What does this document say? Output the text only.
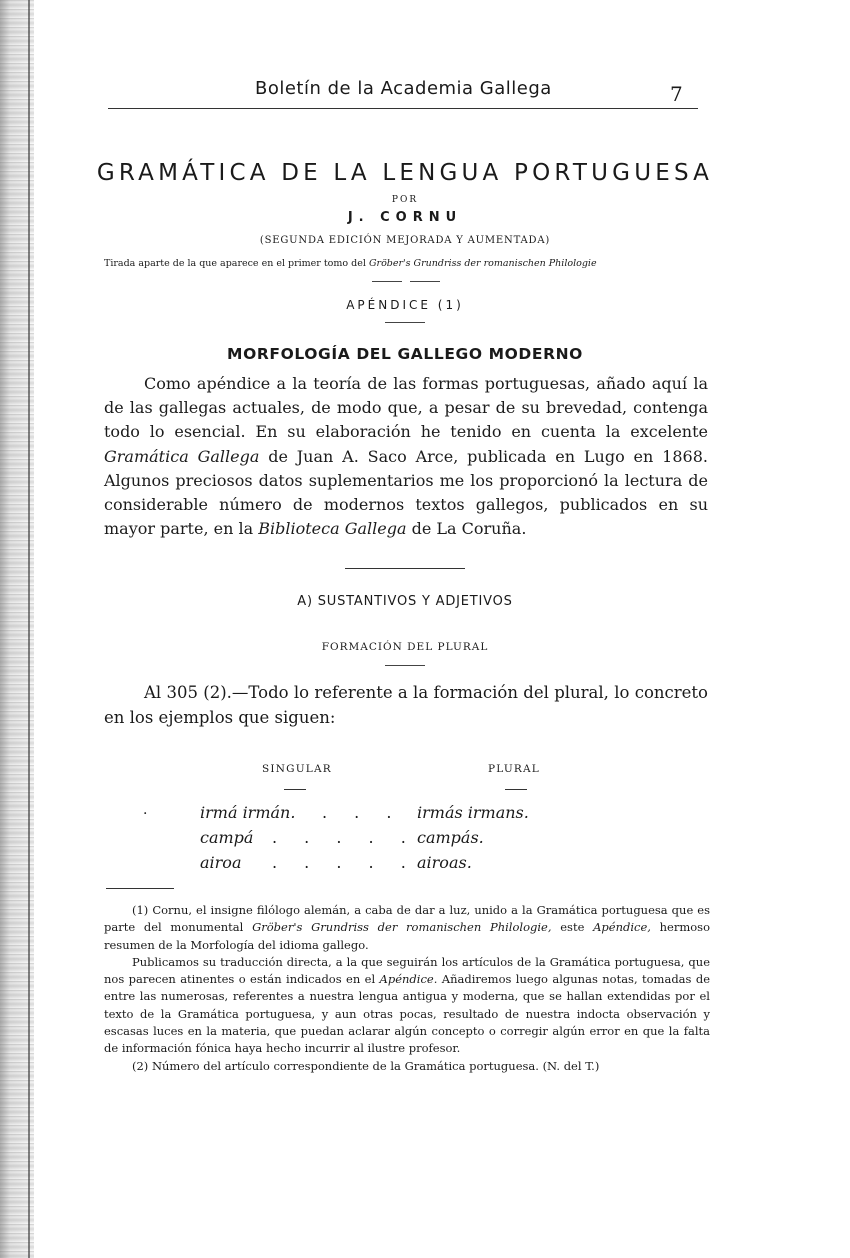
Boletín de la Academia Gallega	7
GRAMÁTICA DE LA LENGUA PORTUGUESA
POR
J. CORNU
(SEGUNDA EDICIÓN MEJORADA Y AUMENTADA)
Tirada aparte de la que aparece en el primer tomo del Gröber's Grundriss der romanischen Philologie
APÉNDICE (1)
MORFOLOGÍA DEL GALLEGO MODERNO
Como apéndice a la teoría de las formas portuguesas, añado aquí la de las gallegas actuales, de modo que, a pesar de su brevedad, contenga todo lo esencial. En su elaboración he tenido en cuenta la excelente Gramática Gallega de Juan A. Saco Arce, publicada en Lugo en 1868. Algunos preciosos datos suplementarios me los proporcionó la lectura de considerable número de modernos textos gallegos, publicados en su mayor parte, en la Biblioteca Gallega de La Coruña.
A) SUSTANTIVOS Y ADJETIVOS
FORMACIÓN DEL PLURAL
Al 305 (2).—Todo lo referente a la formación del plural, lo concreto en los ejemplos que siguen:
SINGULAR	PLURAL
·	irmá irmán. . . . irmás irmans.
campá . . . . . campás.
airoa . . . . . airoas.

(1) Cornu, el insigne filólogo alemán, a caba de dar a luz, unido a la Gramática portuguesa que es parte del monumental Gröber's Grundriss der romanischen Philologie, este Apéndice, hermoso resumen de la Morfología del idioma gallego.

Publicamos su traducción directa, a la que seguirán los artículos de la Gramática portuguesa, que nos parecen atinentes o están indicados en el Apéndice. Añadiremos luego algunas notas, tomadas de entre las numerosas, referentes a nuestra lengua antigua y moderna, que se hallan extendidas por el texto de la Gramática portuguesa, y aun otras pocas, resultado de nuestra indocta observación y escasas luces en la materia, que puedan aclarar algún concepto o corregir algún error en que la falta de información fónica haya hecho incurrir al ilustre profesor.

(2) Número del artículo correspondiente de la Gramática portuguesa. (N. del T.)
